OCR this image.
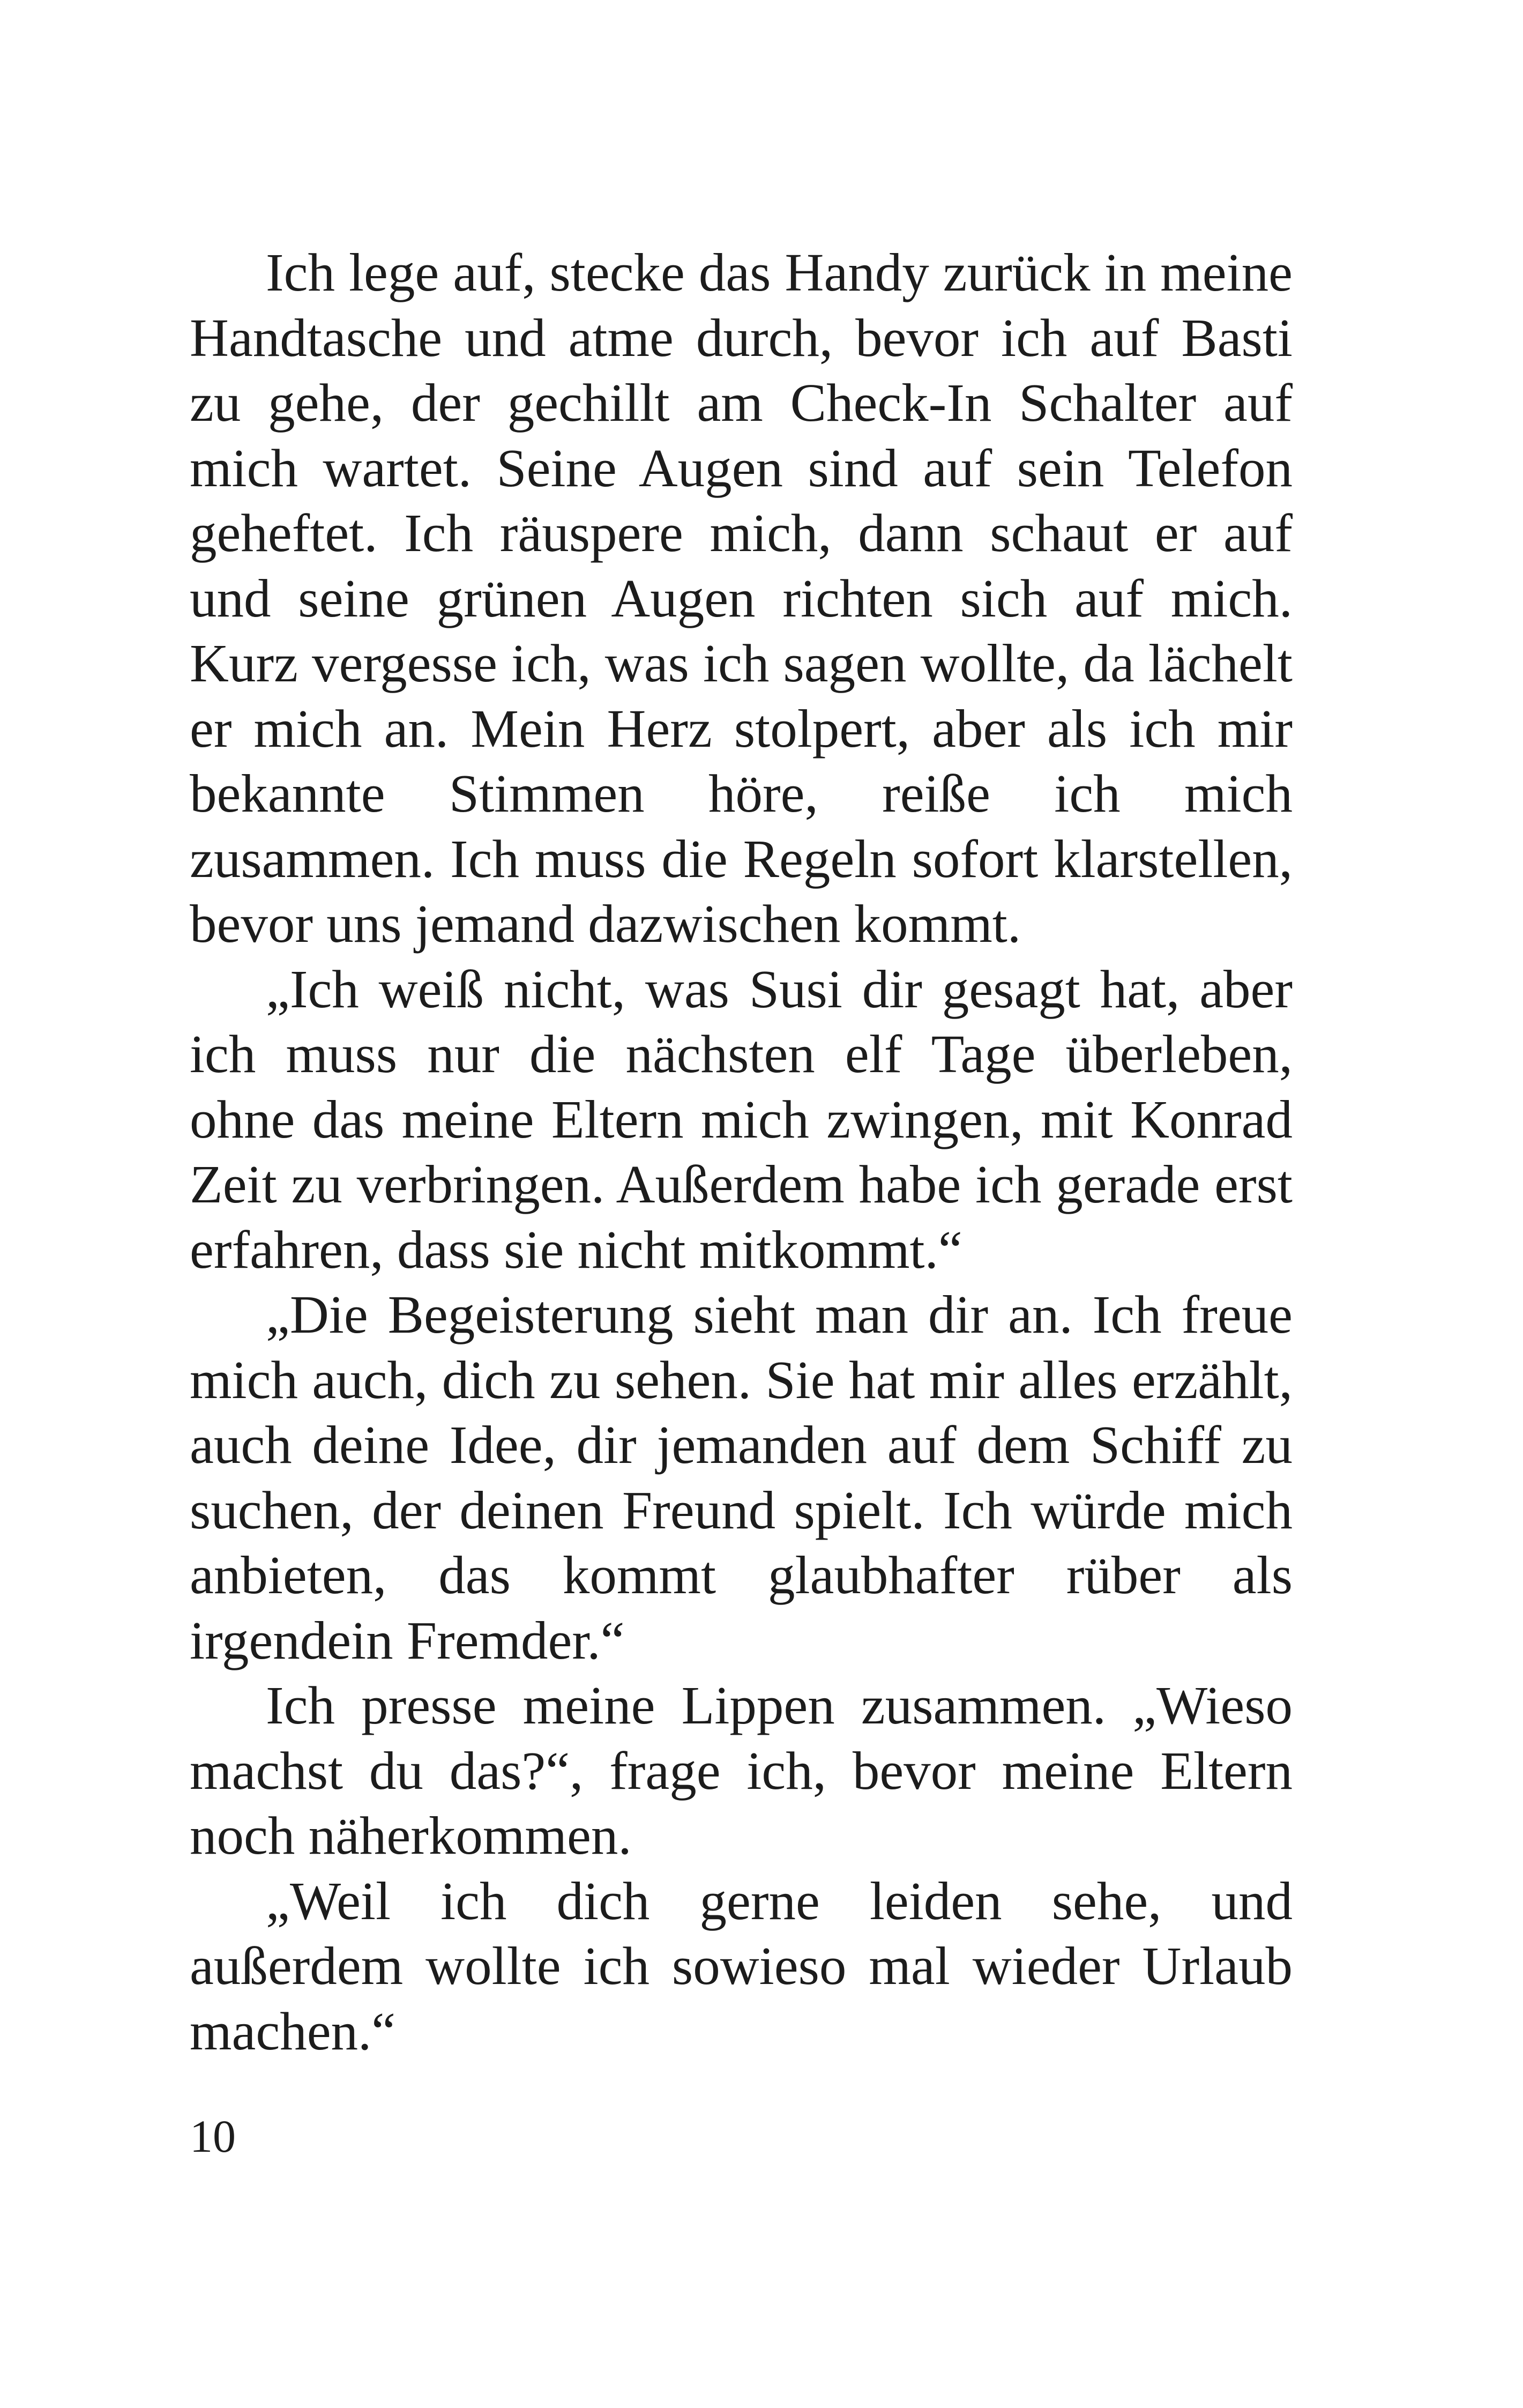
Ich lege auf, stecke das Handy zurück in meine Handtasche und atme durch, bevor ich auf Basti zu gehe, der gechillt am Check-In Schalter auf mich wartet. Seine Augen sind auf sein Telefon geheftet. Ich räuspere mich, dann schaut er auf und seine grünen Augen richten sich auf mich. Kurz vergesse ich, was ich sagen wollte, da lächelt er mich an. Mein Herz stolpert, aber als ich mir bekannte Stimmen höre, reiße ich mich zusammen. Ich muss die Regeln sofort klarstellen, bevor uns jemand dazwischen kommt.

„Ich weiß nicht, was Susi dir gesagt hat, aber ich muss nur die nächsten elf Tage überleben, ohne das meine Eltern mich zwingen, mit Konrad Zeit zu verbringen. Außerdem habe ich gerade erst erfahren, dass sie nicht mitkommt.“

„Die Begeisterung sieht man dir an. Ich freue mich auch, dich zu sehen. Sie hat mir alles erzählt, auch deine Idee, dir jemanden auf dem Schiff zu suchen, der deinen Freund spielt. Ich würde mich anbieten, das kommt glaubhafter rüber als irgendein Fremder.“

Ich presse meine Lippen zusammen. „Wieso machst du das?“, frage ich, bevor meine Eltern noch näherkommen.

„Weil ich dich gerne leiden sehe, und außerdem wollte ich sowieso mal wieder Urlaub machen.“

10
